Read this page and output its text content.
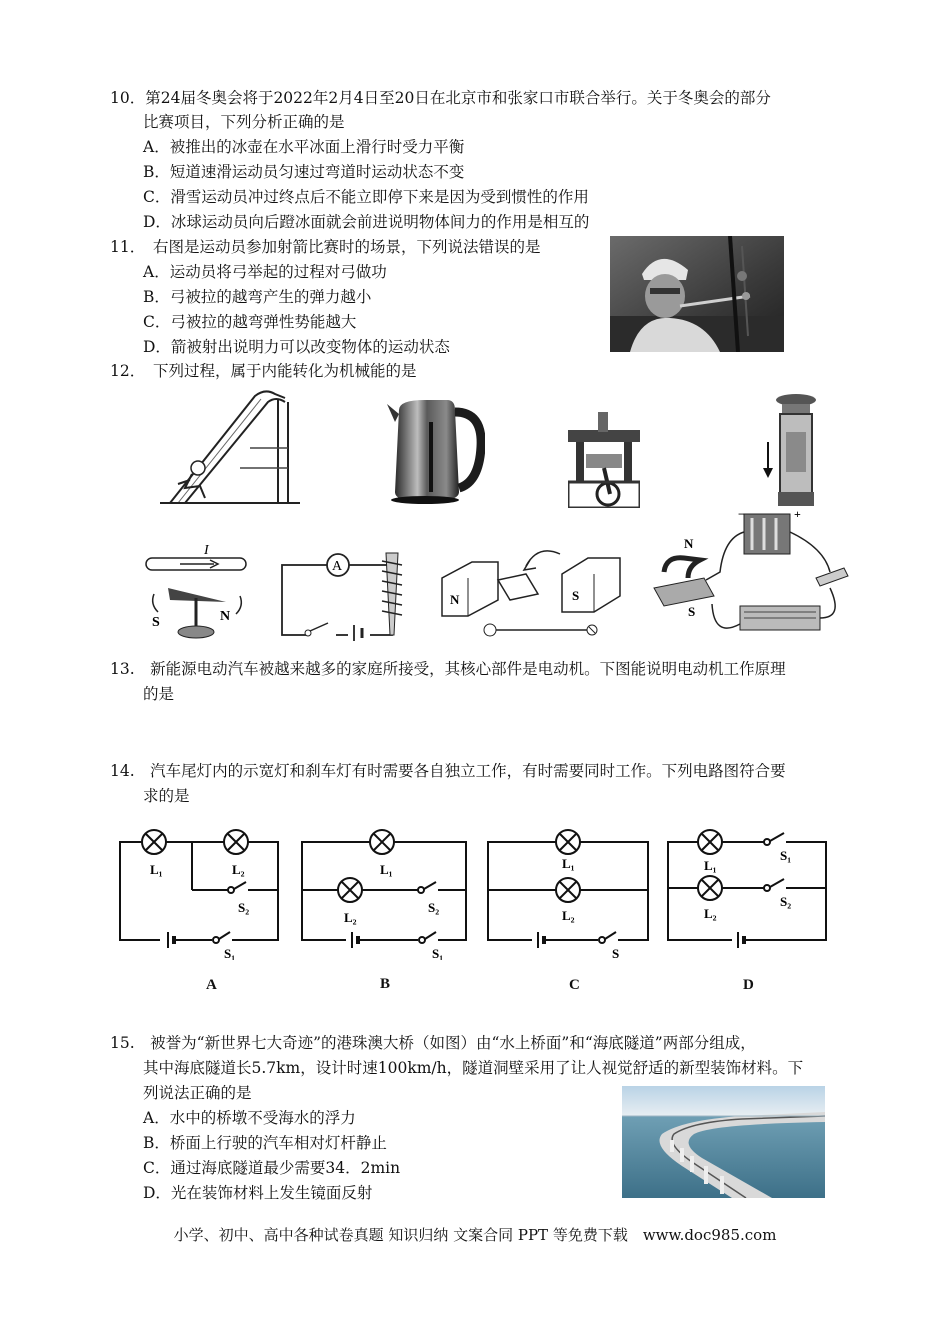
10．第24届冬奥会将于2022年2月4日至20日在北京市和张家口市联合举行。关于冬奥会的部分
比赛项目，下列分析正确的是
A．被推出的冰壶在水平冰面上滑行时受力平衡
B．短道速滑运动员匀速过弯道时运动状态不变
C．滑雪运动员冲过终点后不能立即停下来是因为受到惯性的作用
D．冰球运动员向后蹬冰面就会前进说明物体间力的作用是相互的
11．　右图是运动员参加射箭比赛时的场景，下列说法错误的是
A．运动员将弓举起的过程对弓做功
B．弓被拉的越弯产生的弹力越小
C．弓被拉的越弯弹性势能越大
D．箭被射出说明力可以改变物体的运动状态
12．　下列过程，属于内能转化为机械能的是
I
S	N
A
N	S
N
S
−	+
13.　新能源电动汽车被越来越多的家庭所接受，其核心部件是电动机。下图能说明电动机工作原理
的是
14.　汽车尾灯内的示宽灯和刹车灯有时需要各自独立工作，有时需要同时工作。下列电路图符合要
求的是
L₁	L₂
S₂
S₁
A
L₁
L₂
S₂
S₁
B
L₁
L₂
S
C
L₁
L₂
S₁
S₂
D
15.　被誉为“新世界七大奇迹”的港珠澳大桥（如图）由“水上桥面”和“海底隧道”两部分组成，
其中海底隧道长5.7km，设计时速100km/h，隧道洞壁采用了让人视觉舒适的新型装饰材料。下
列说法正确的是
A．水中的桥墩不受海水的浮力
B．桥面上行驶的汽车相对灯杆静止
C．通过海底隧道最少需要34．2min
D．光在装饰材料上发生镜面反射
小学、初中、高中各种试卷真题 知识归纳 文案合同 PPT 等免费下载　www.doc985.com
